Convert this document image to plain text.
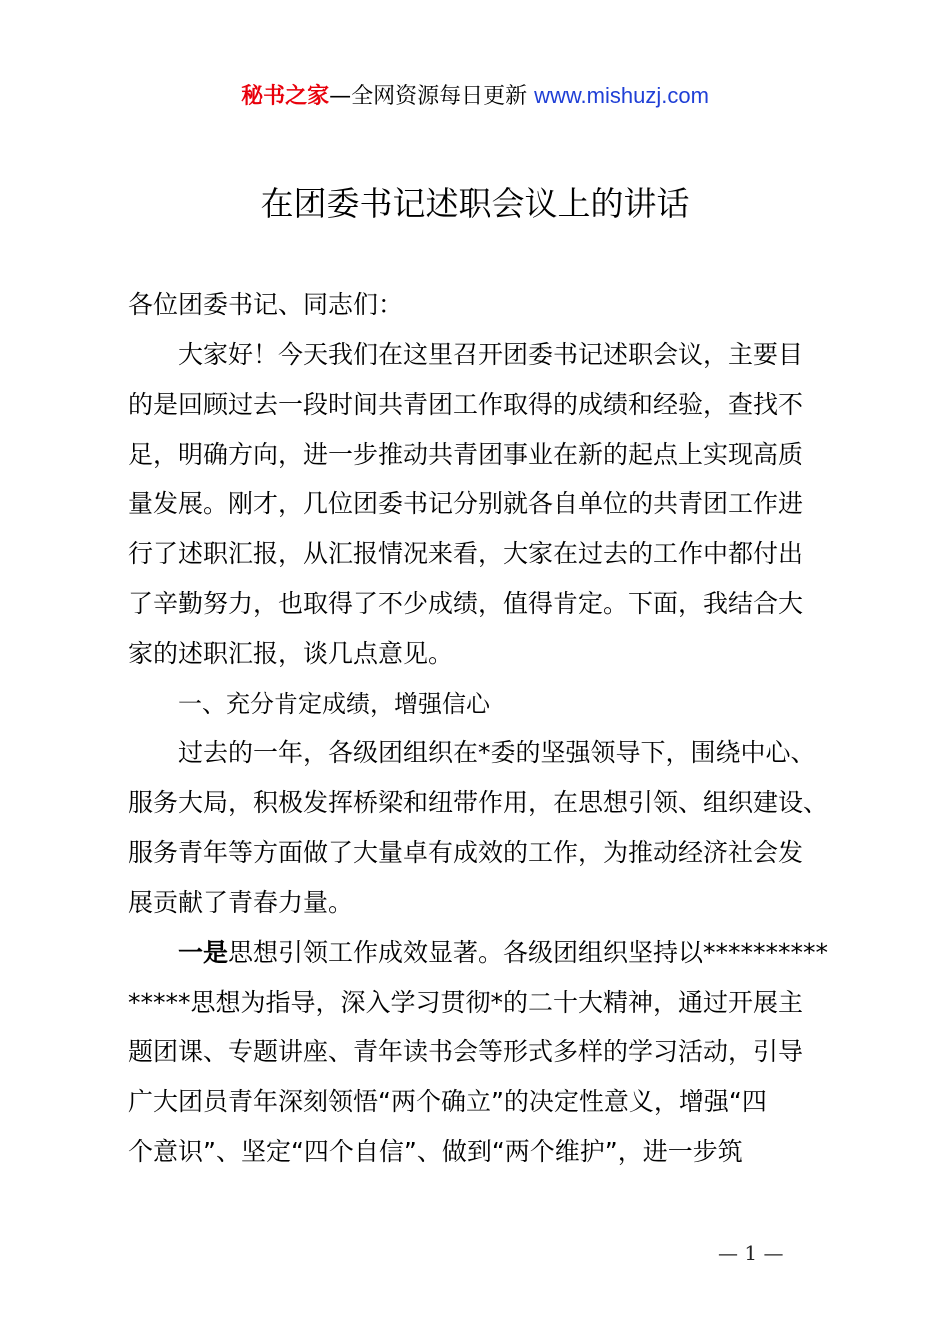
秘书之家—全网资源每日更新 www.mishuzj.com
在团委书记述职会议上的讲话
各位团委书记、同志们：
大家好！今天我们在这里召开团委书记述职会议，主要目
的是回顾过去一段时间共青团工作取得的成绩和经验，查找不
足，明确方向，进一步推动共青团事业在新的起点上实现高质
量发展。刚才，几位团委书记分别就各自单位的共青团工作进
行了述职汇报，从汇报情况来看，大家在过去的工作中都付出
了辛勤努力，也取得了不少成绩，值得肯定。下面，我结合大
家的述职汇报，谈几点意见。
一、充分肯定成绩，增强信心
过去的一年，各级团组织在*委的坚强领导下，围绕中心、
服务大局，积极发挥桥梁和纽带作用，在思想引领、组织建设、
服务青年等方面做了大量卓有成效的工作，为推动经济社会发
展贡献了青春力量。
一是思想引领工作成效显著。各级团组织坚持以**********
*****思想为指导，深入学习贯彻*的二十大精神，通过开展主
题团课、专题讲座、青年读书会等形式多样的学习活动，引导
广大团员青年深刻领悟“两个确立”的决定性意义，增强“四
个意识”、坚定“四个自信”、做到“两个维护”，进一步筑
— 1 —
